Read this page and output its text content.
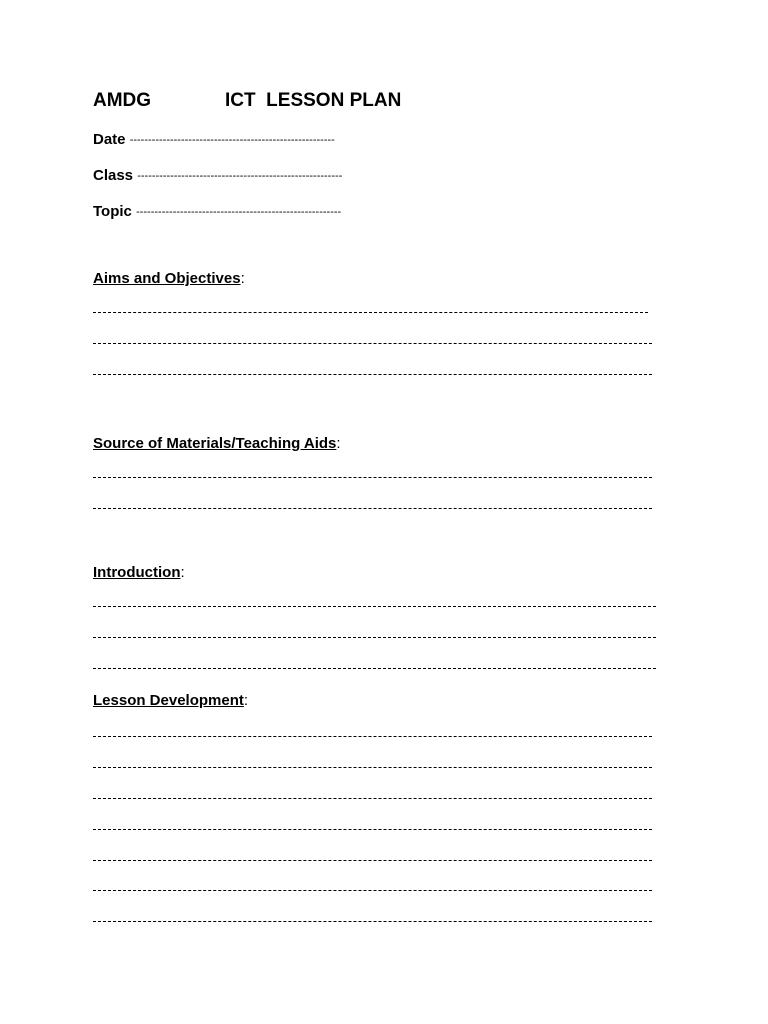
AMDG	ICT  LESSON PLAN
Date --------------------------------------------------------
Class --------------------------------------------------------
Topic --------------------------------------------------------
Aims and Objectives:
Source of Materials/Teaching Aids:
Introduction:
Lesson Development:
